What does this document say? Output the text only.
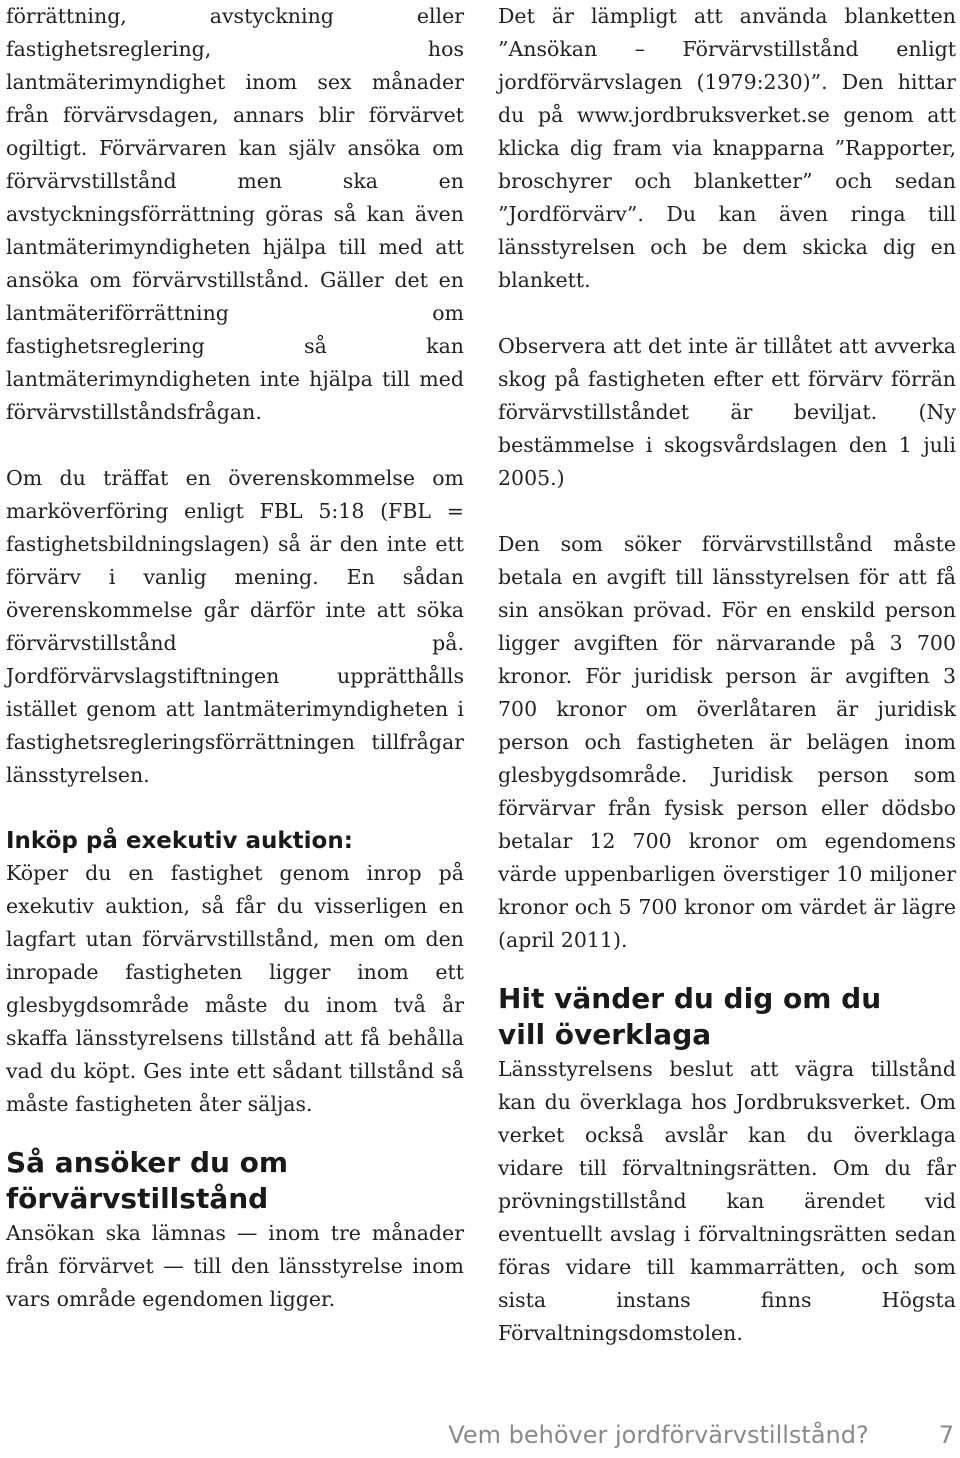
förrättning, avstyckning eller fastighetsreglering, hos lantmäterimyndighet inom sex månader från förvärvsdagen, annars blir förvärvet ogiltigt. Förvärvaren kan själv ansöka om förvärvstillstånd men ska en avstyckningsförrättning göras så kan även lantmäterimyndigheten hjälpa till med att ansöka om förvärvstillstånd. Gäller det en lantmäteriförrättning om fastighetsreglering så kan lantmäterimyndigheten inte hjälpa till med förvärvstillståndsfrågan.

Om du träffat en överenskommelse om marköverföring enligt FBL 5:18 (FBL = fastighetsbildningslagen) så är den inte ett förvärv i vanlig mening. En sådan överenskommelse går därför inte att söka förvärvstillstånd på. Jordförvärvslagstiftningen upprätthålls istället genom att lantmäterimyndigheten i fastighetsregleringsförrättningen tillfrågar länsstyrelsen.

Inköp på exekutiv auktion:

Köper du en fastighet genom inrop på exekutiv auktion, så får du visserligen en lagfart utan förvärvstillstånd, men om den inropade fastigheten ligger inom ett glesbygdsområde måste du inom två år skaffa länsstyrelsens tillstånd att få behålla vad du köpt. Ges inte ett sådant tillstånd så måste fastigheten åter säljas.

Så ansöker du om
förvärvstillstånd

Ansökan ska lämnas — inom tre månader från förvärvet — till den länsstyrelse inom vars område egendomen ligger.

Det är lämpligt att använda blanketten ”Ansökan – Förvärvstillstånd enligt jordförvärvslagen (1979:230)”. Den hittar du på www.jordbruksverket.se genom att klicka dig fram via knapparna ”Rapporter, broschyrer och blanketter” och sedan ”Jordförvärv”. Du kan även ringa till länsstyrelsen och be dem skicka dig en blankett.

Observera att det inte är tillåtet att avverka skog på fastigheten efter ett förvärv förrän förvärvstillståndet är beviljat. (Ny bestämmelse i skogsvårdslagen den 1 juli 2005.)

Den som söker förvärvstillstånd måste betala en avgift till länsstyrelsen för att få sin ansökan prövad. För en enskild person ligger avgiften för närvarande på 3 700 kronor. För juridisk person är avgiften 3 700 kronor om överlåtaren är juridisk person och fastigheten är belägen inom glesbygdsområde. Juridisk person som förvärvar från fysisk person eller dödsbo betalar 12 700 kronor om egendomens värde uppenbarligen överstiger 10 miljoner kronor och 5 700 kronor om värdet är lägre (april 2011).

Hit vänder du dig om du
vill överklaga

Länsstyrelsens beslut att vägra tillstånd kan du överklaga hos Jordbruksverket. Om verket också avslår kan du överklaga vidare till förvaltningsrätten. Om du får prövningstillstånd kan ärendet vid eventuellt avslag i förvaltningsrätten sedan föras vidare till kammarrätten, och som sista instans finns Högsta Förvaltningsdomstolen.

Vem behöver jordförvärvstillstånd?	7
